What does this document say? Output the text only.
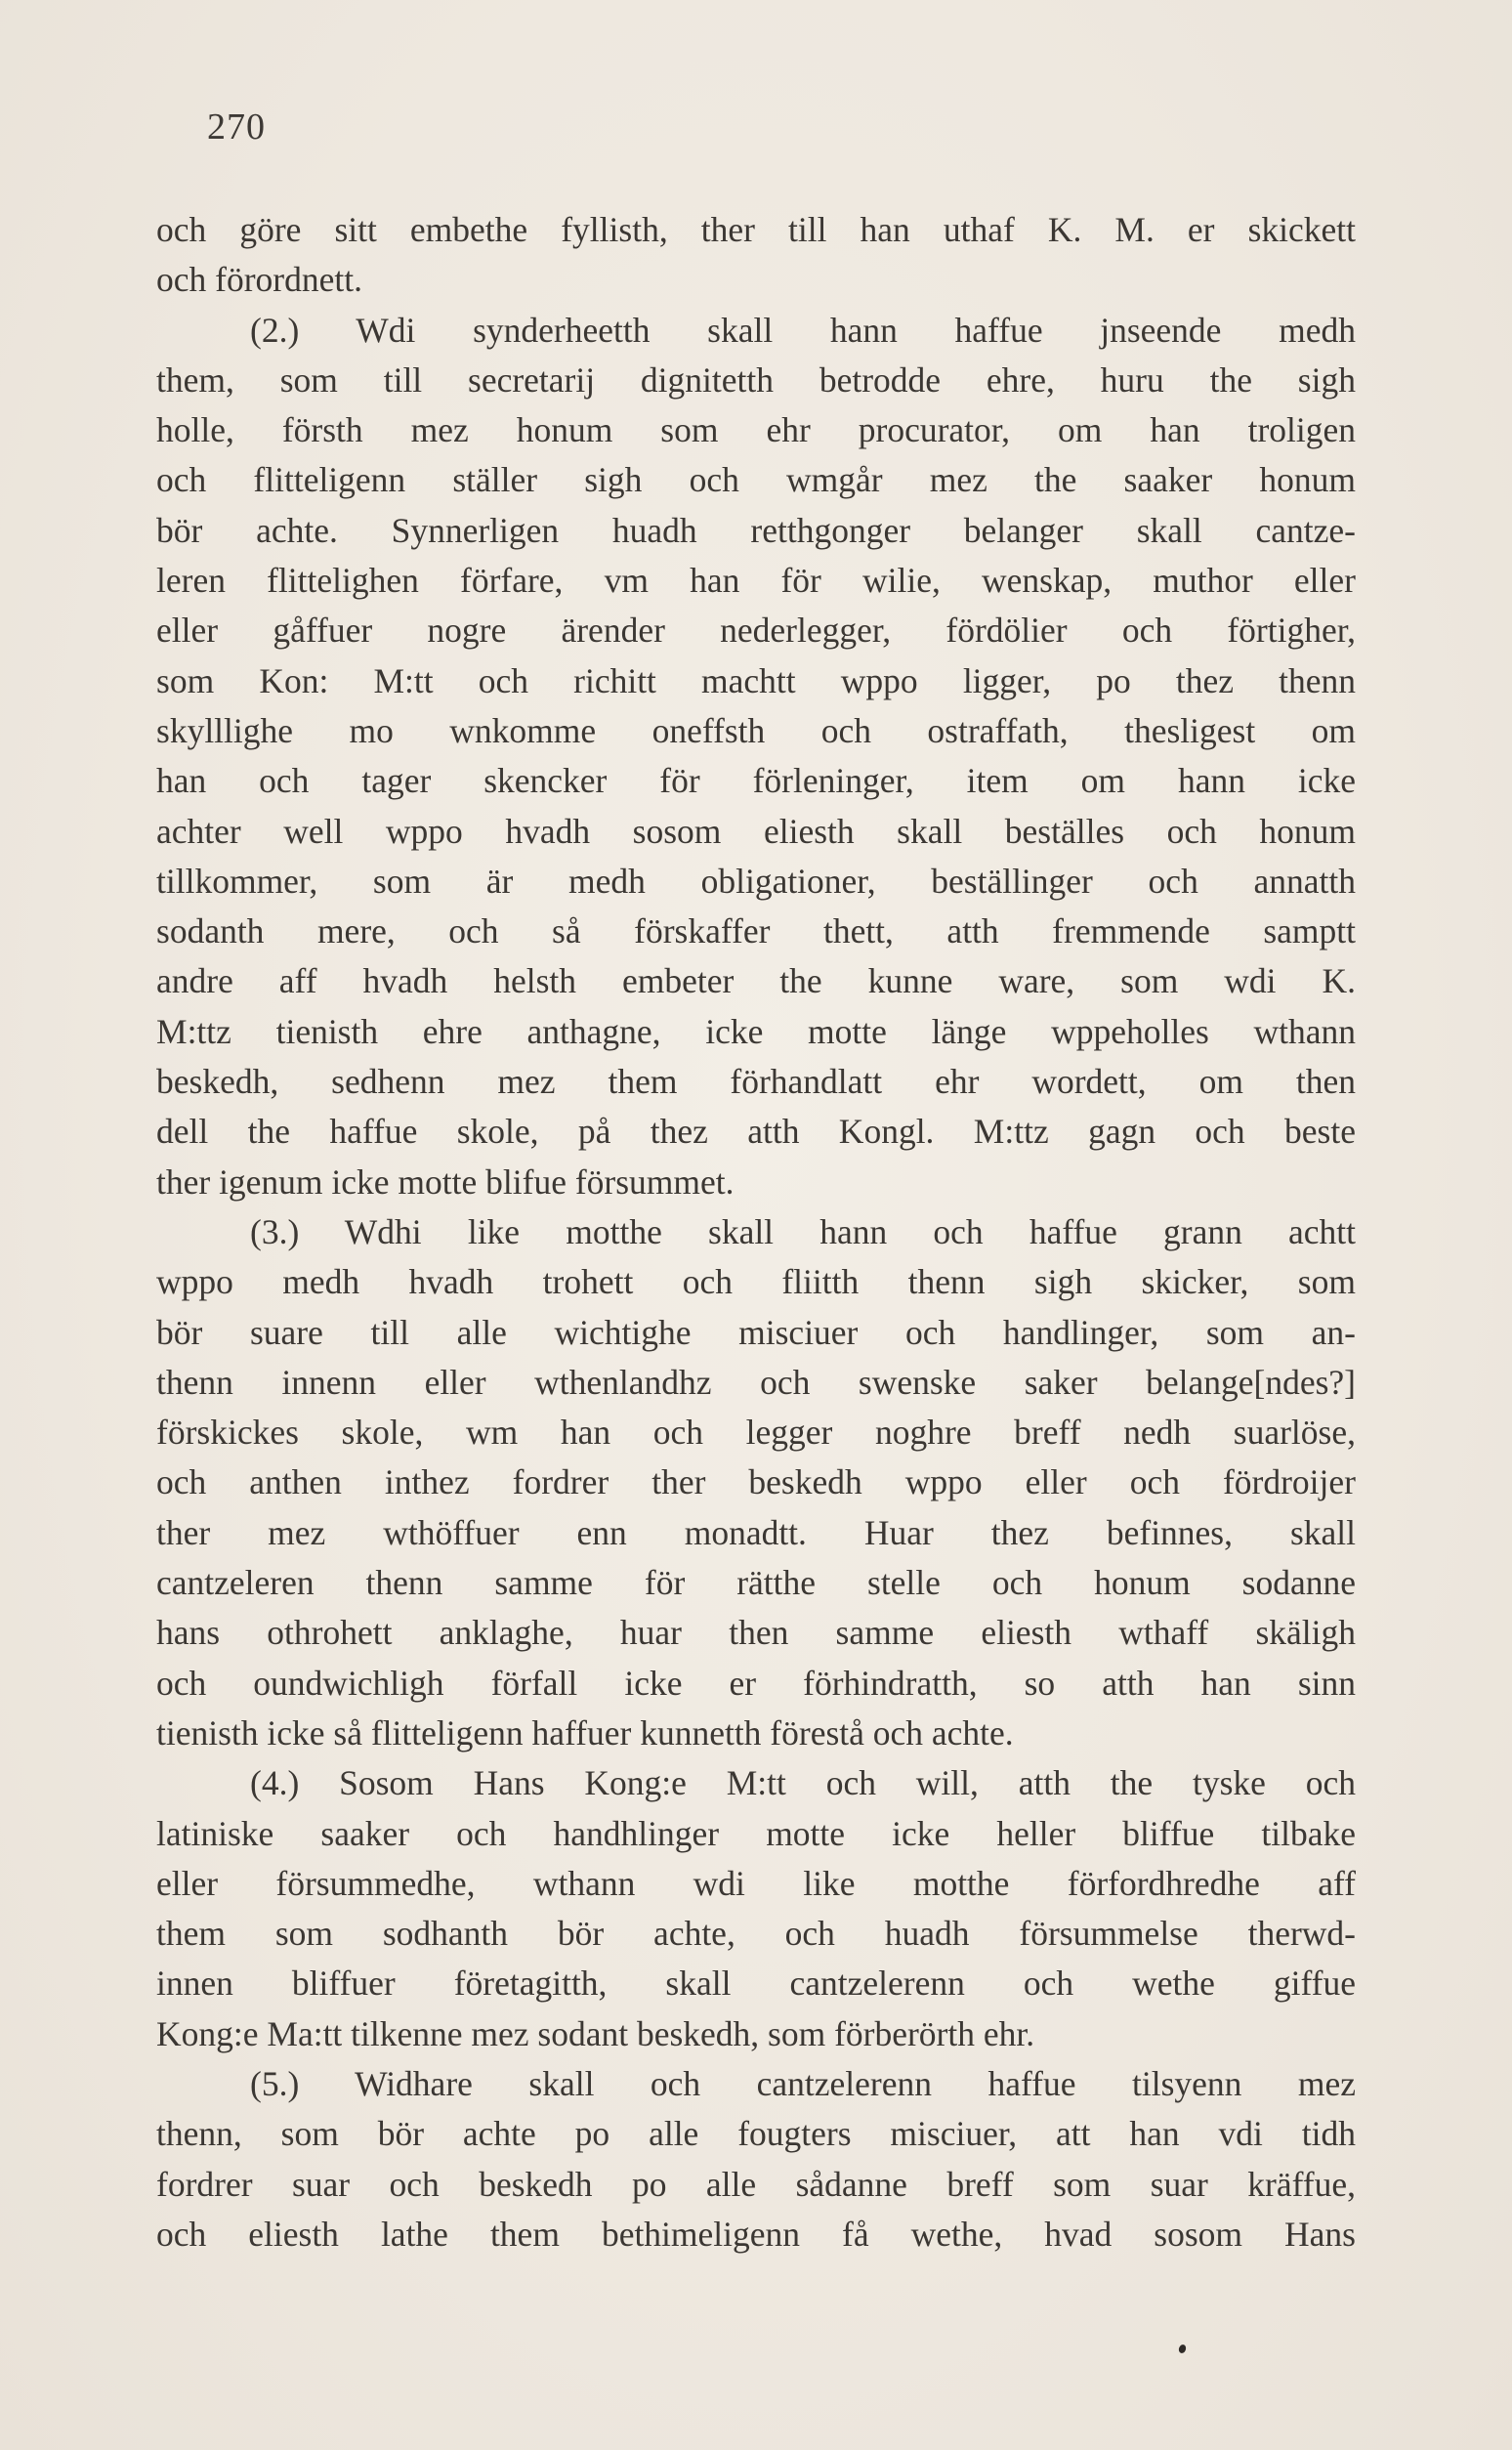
270
och göre sitt embethe fyllisth, ther till han uthaf K. M. er skickett
och förordnett.
(2.) Wdi synderheetth skall hann haffue jnseende medh
them, som till secretarij dignitetth betrodde ehre, huru the sigh
holle, försth mez honum som ehr procurator, om han troligen
och flitteligenn ställer sigh och wmgår mez the saaker honum
bör achte. Synnerligen huadh retthgonger belanger skall cantze-
leren flittelighen förfare, vm han för wilie, wenskap, muthor eller
eller gåffuer nogre ärender nederlegger, fördölier och förtigher,
som Kon: M:tt och richitt machtt wppo ligger, po thez thenn
skylllighe mo wnkomme oneffsth och ostraffath, thesligest om
han och tager skencker för förleninger, item om hann icke
achter well wppo hvadh sosom eliesth skall beställes och honum
tillkommer, som är medh obligationer, beställinger och annatth
sodanth mere, och så förskaffer thett, atth fremmende samptt
andre aff hvadh helsth embeter the kunne ware, som wdi K.
M:ttz tienisth ehre anthagne, icke motte länge wppeholles wthann
beskedh, sedhenn mez them förhandlatt ehr wordett, om then
dell the haffue skole, på thez atth Kongl. M:ttz gagn och beste
ther igenum icke motte blifue försummet.
(3.) Wdhi like motthe skall hann och haffue grann achtt
wppo medh hvadh trohett och fliitth thenn sigh skicker, som
bör suare till alle wichtighe misciuer och handlinger, som an-
thenn innenn eller wthenlandhz och swenske saker belange[ndes?]
förskickes skole, wm han och legger noghre breff nedh suarlöse,
och anthen inthez fordrer ther beskedh wppo eller och fördroijer
ther mez wthöffuer enn monadtt. Huar thez befinnes, skall
cantzeleren thenn samme för rätthe stelle och honum sodanne
hans othrohett anklaghe, huar then samme eliesth wthaff skäligh
och oundwichligh förfall icke er förhindratth, so atth han sinn
tienisth icke så flitteligenn haffuer kunnetth förestå och achte.
(4.) Sosom Hans Kong:e M:tt och will, atth the tyske och
latiniske saaker och handhlinger motte icke heller bliffue tilbake
eller försummedhe, wthann wdi like motthe förfordhredhe aff
them som sodhanth bör achte, och huadh försummelse therwd-
innen bliffuer företagitth, skall cantzelerenn och wethe giffue
Kong:e Ma:tt tilkenne mez sodant beskedh, som förberörth ehr.
(5.) Widhare skall och cantzelerenn haffue tilsyenn mez
thenn, som bör achte po alle fougters misciuer, att han vdi tidh
fordrer suar och beskedh po alle sådanne breff som suar kräffue,
och eliesth lathe them bethimeligenn få wethe, hvad sosom Hans
